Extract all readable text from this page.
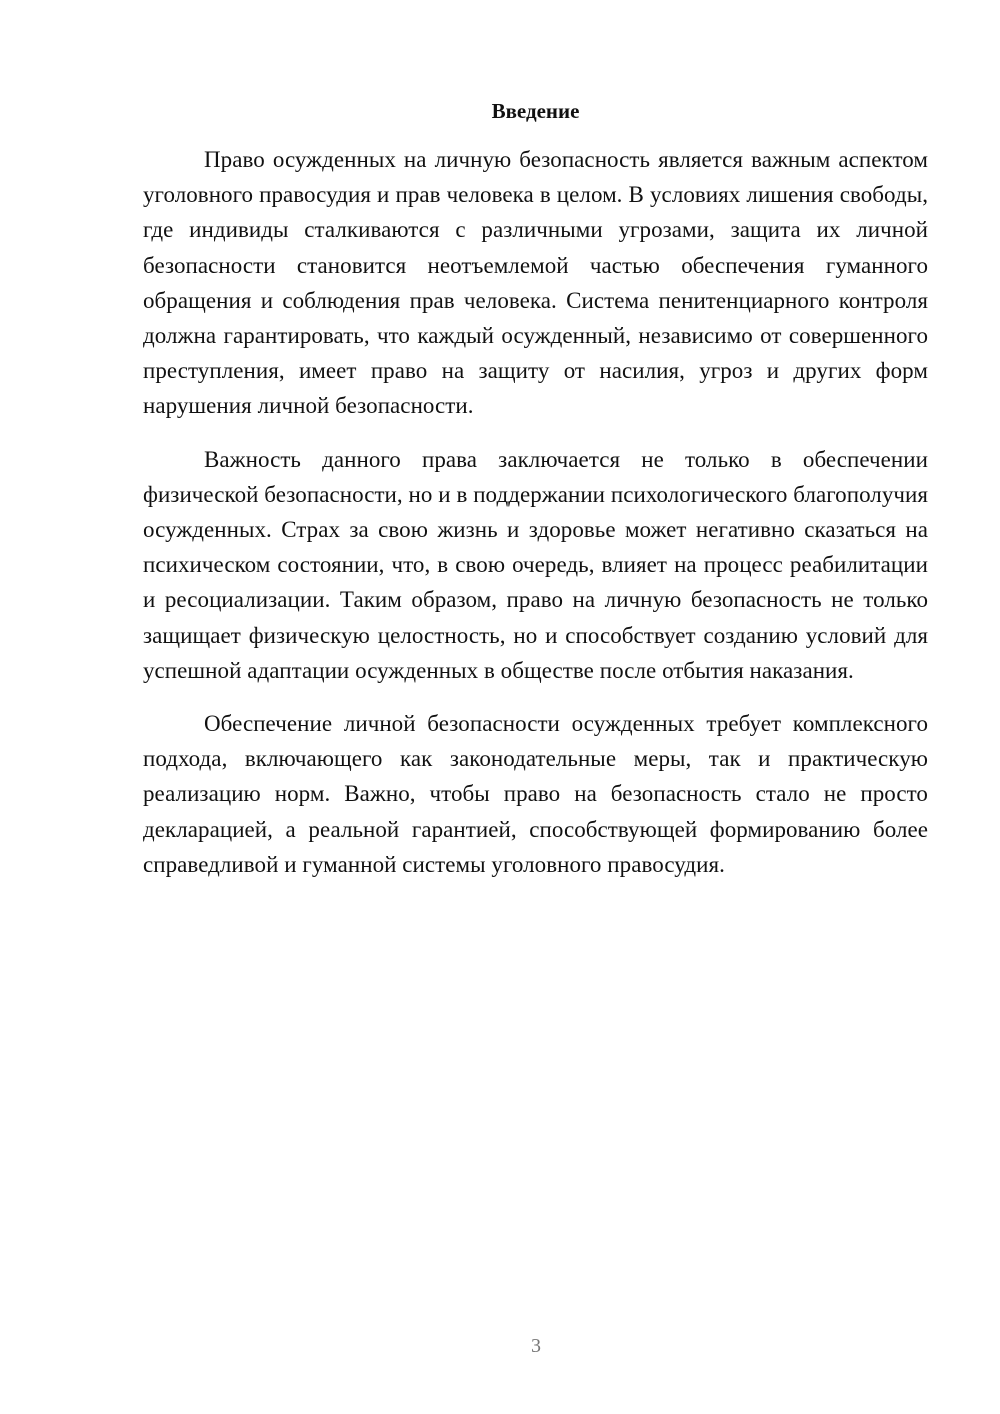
Введение

Право осужденных на личную безопасность является важным аспектом уголовного правосудия и прав человека в целом. В условиях лишения свободы, где индивиды сталкиваются с различными угрозами, защита их личной безопасности становится неотъемлемой частью обеспечения гуманного обращения и соблюдения прав человека. Система пенитенциарного контроля должна гарантировать, что каждый осужденный, независимо от совершенного преступления, имеет право на защиту от насилия, угроз и других форм нарушения личной безопасности.

Важность данного права заключается не только в обеспечении физической безопасности, но и в поддержании психологического благополучия осужденных. Страх за свою жизнь и здоровье может негативно сказаться на психическом состоянии, что, в свою очередь, влияет на процесс реабилитации и ресоциализации. Таким образом, право на личную безопасность не только защищает физическую целостность, но и способствует созданию условий для успешной адаптации осужденных в обществе после отбытия наказания.

Обеспечение личной безопасности осужденных требует комплексного подхода, включающего как законодательные меры, так и практическую реализацию норм. Важно, чтобы право на безопасность стало не просто декларацией, а реальной гарантией, способствующей формированию более справедливой и гуманной системы уголовного правосудия.

3
